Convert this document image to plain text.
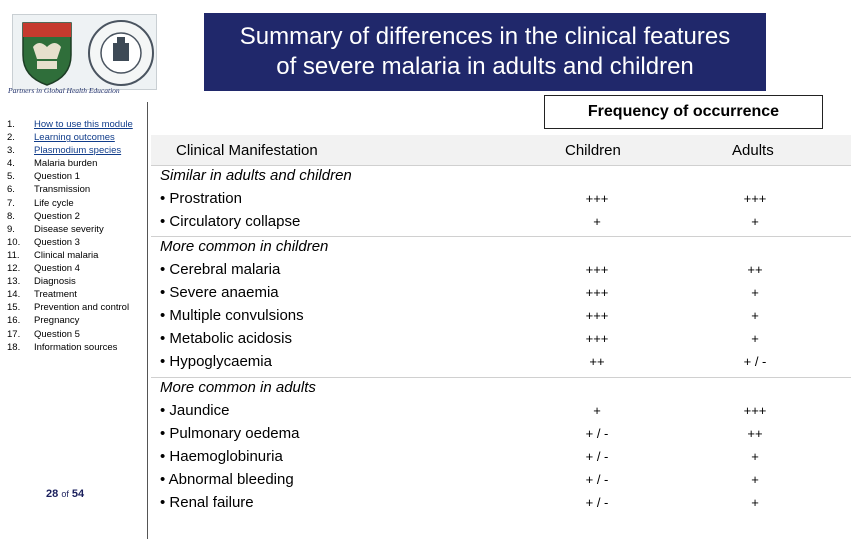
Partners in Global Health Education
Summary of differences in the clinical features
of severe malaria in adults and children
1.	How to use this module
2.	Learning outcomes
3.	Plasmodium species
4.	Malaria burden
5.	Question 1
6.	Transmission
7.	Life cycle
8.	Question 2
9.	Disease severity
10.	Question 3
11.	Clinical malaria
12.	Question 4
13.	Diagnosis
14.	Treatment
15.	Prevention and control
16.	Pregnancy
17.	Question 5
18.	Information sources
28 of 54
Frequency of occurrence
Clinical Manifestation	Children	Adults
Similar in adults and children
• Prostration	+++	+++
• Circulatory collapse	+	+
More common in children
• Cerebral malaria	+++	++
• Severe anaemia	+++	+
• Multiple convulsions	+++	+
• Metabolic acidosis	+++	+
• Hypoglycaemia	++	+ / -
More common in adults
• Jaundice	+	+++
• Pulmonary oedema	+ / -	++
• Haemoglobinuria	+ / -	+
• Abnormal bleeding	+ / -	+
• Renal failure	+ / -	+
